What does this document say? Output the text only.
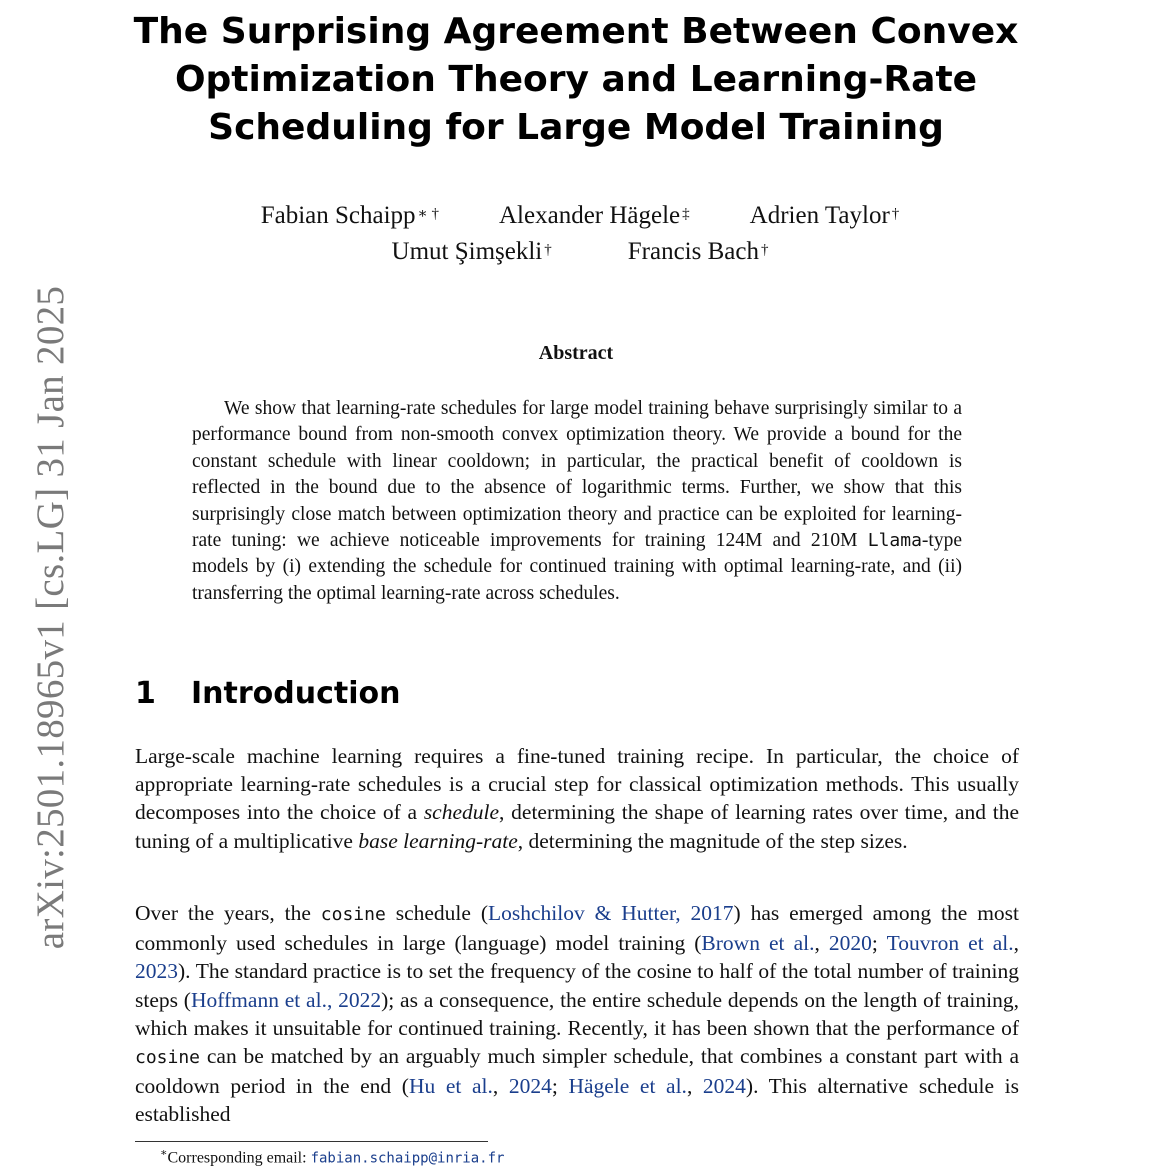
arXiv:2501.18965v1 [cs.LG] 31 Jan 2025
The Surprising Agreement Between Convex
Optimization Theory and Learning-Rate
Scheduling for Large Model Training
Fabian Schaipp ∗ † Alexander Hägele ‡ Adrien Taylor †
Umut Şimşekli †	Francis Bach †
Abstract

We show that learning-rate schedules for large model training behave surprisingly similar to a performance bound from non-smooth convex optimization theory. We provide a bound for the constant schedule with linear cooldown; in particular, the practical benefit of cooldown is reflected in the bound due to the absence of logarithmic terms. Further, we show that this surprisingly close match between optimization theory and practice can be exploited for learning-rate tuning: we achieve noticeable improvements for training 124M and 210M Llama-type models by (i) extending the schedule for continued training with optimal learning-rate, and (ii) transferring the optimal learning-rate across schedules.

1 Introduction

Large-scale machine learning requires a fine-tuned training recipe. In particular, the choice of appropriate learning-rate schedules is a crucial step for classical optimization methods. This usually decomposes into the choice of a schedule, determining the shape of learning rates over time, and the tuning of a multiplicative base learning-rate, determining the magnitude of the step sizes.

Over the years, the cosine schedule (Loshchilov & Hutter, 2017) has emerged among the most commonly used schedules in large (language) model training (Brown et al., 2020; Touvron et al., 2023). The standard practice is to set the frequency of the cosine to half of the total number of training steps (Hoffmann et al., 2022); as a consequence, the entire schedule depends on the length of training, which makes it unsuitable for continued training. Recently, it has been shown that the performance of cosine can be matched by an arguably much simpler schedule, that combines a constant part with a cooldown period in the end (Hu et al., 2024; Hägele et al., 2024). This alternative schedule is established

∗Corresponding email: fabian.schaipp@inria.fr
